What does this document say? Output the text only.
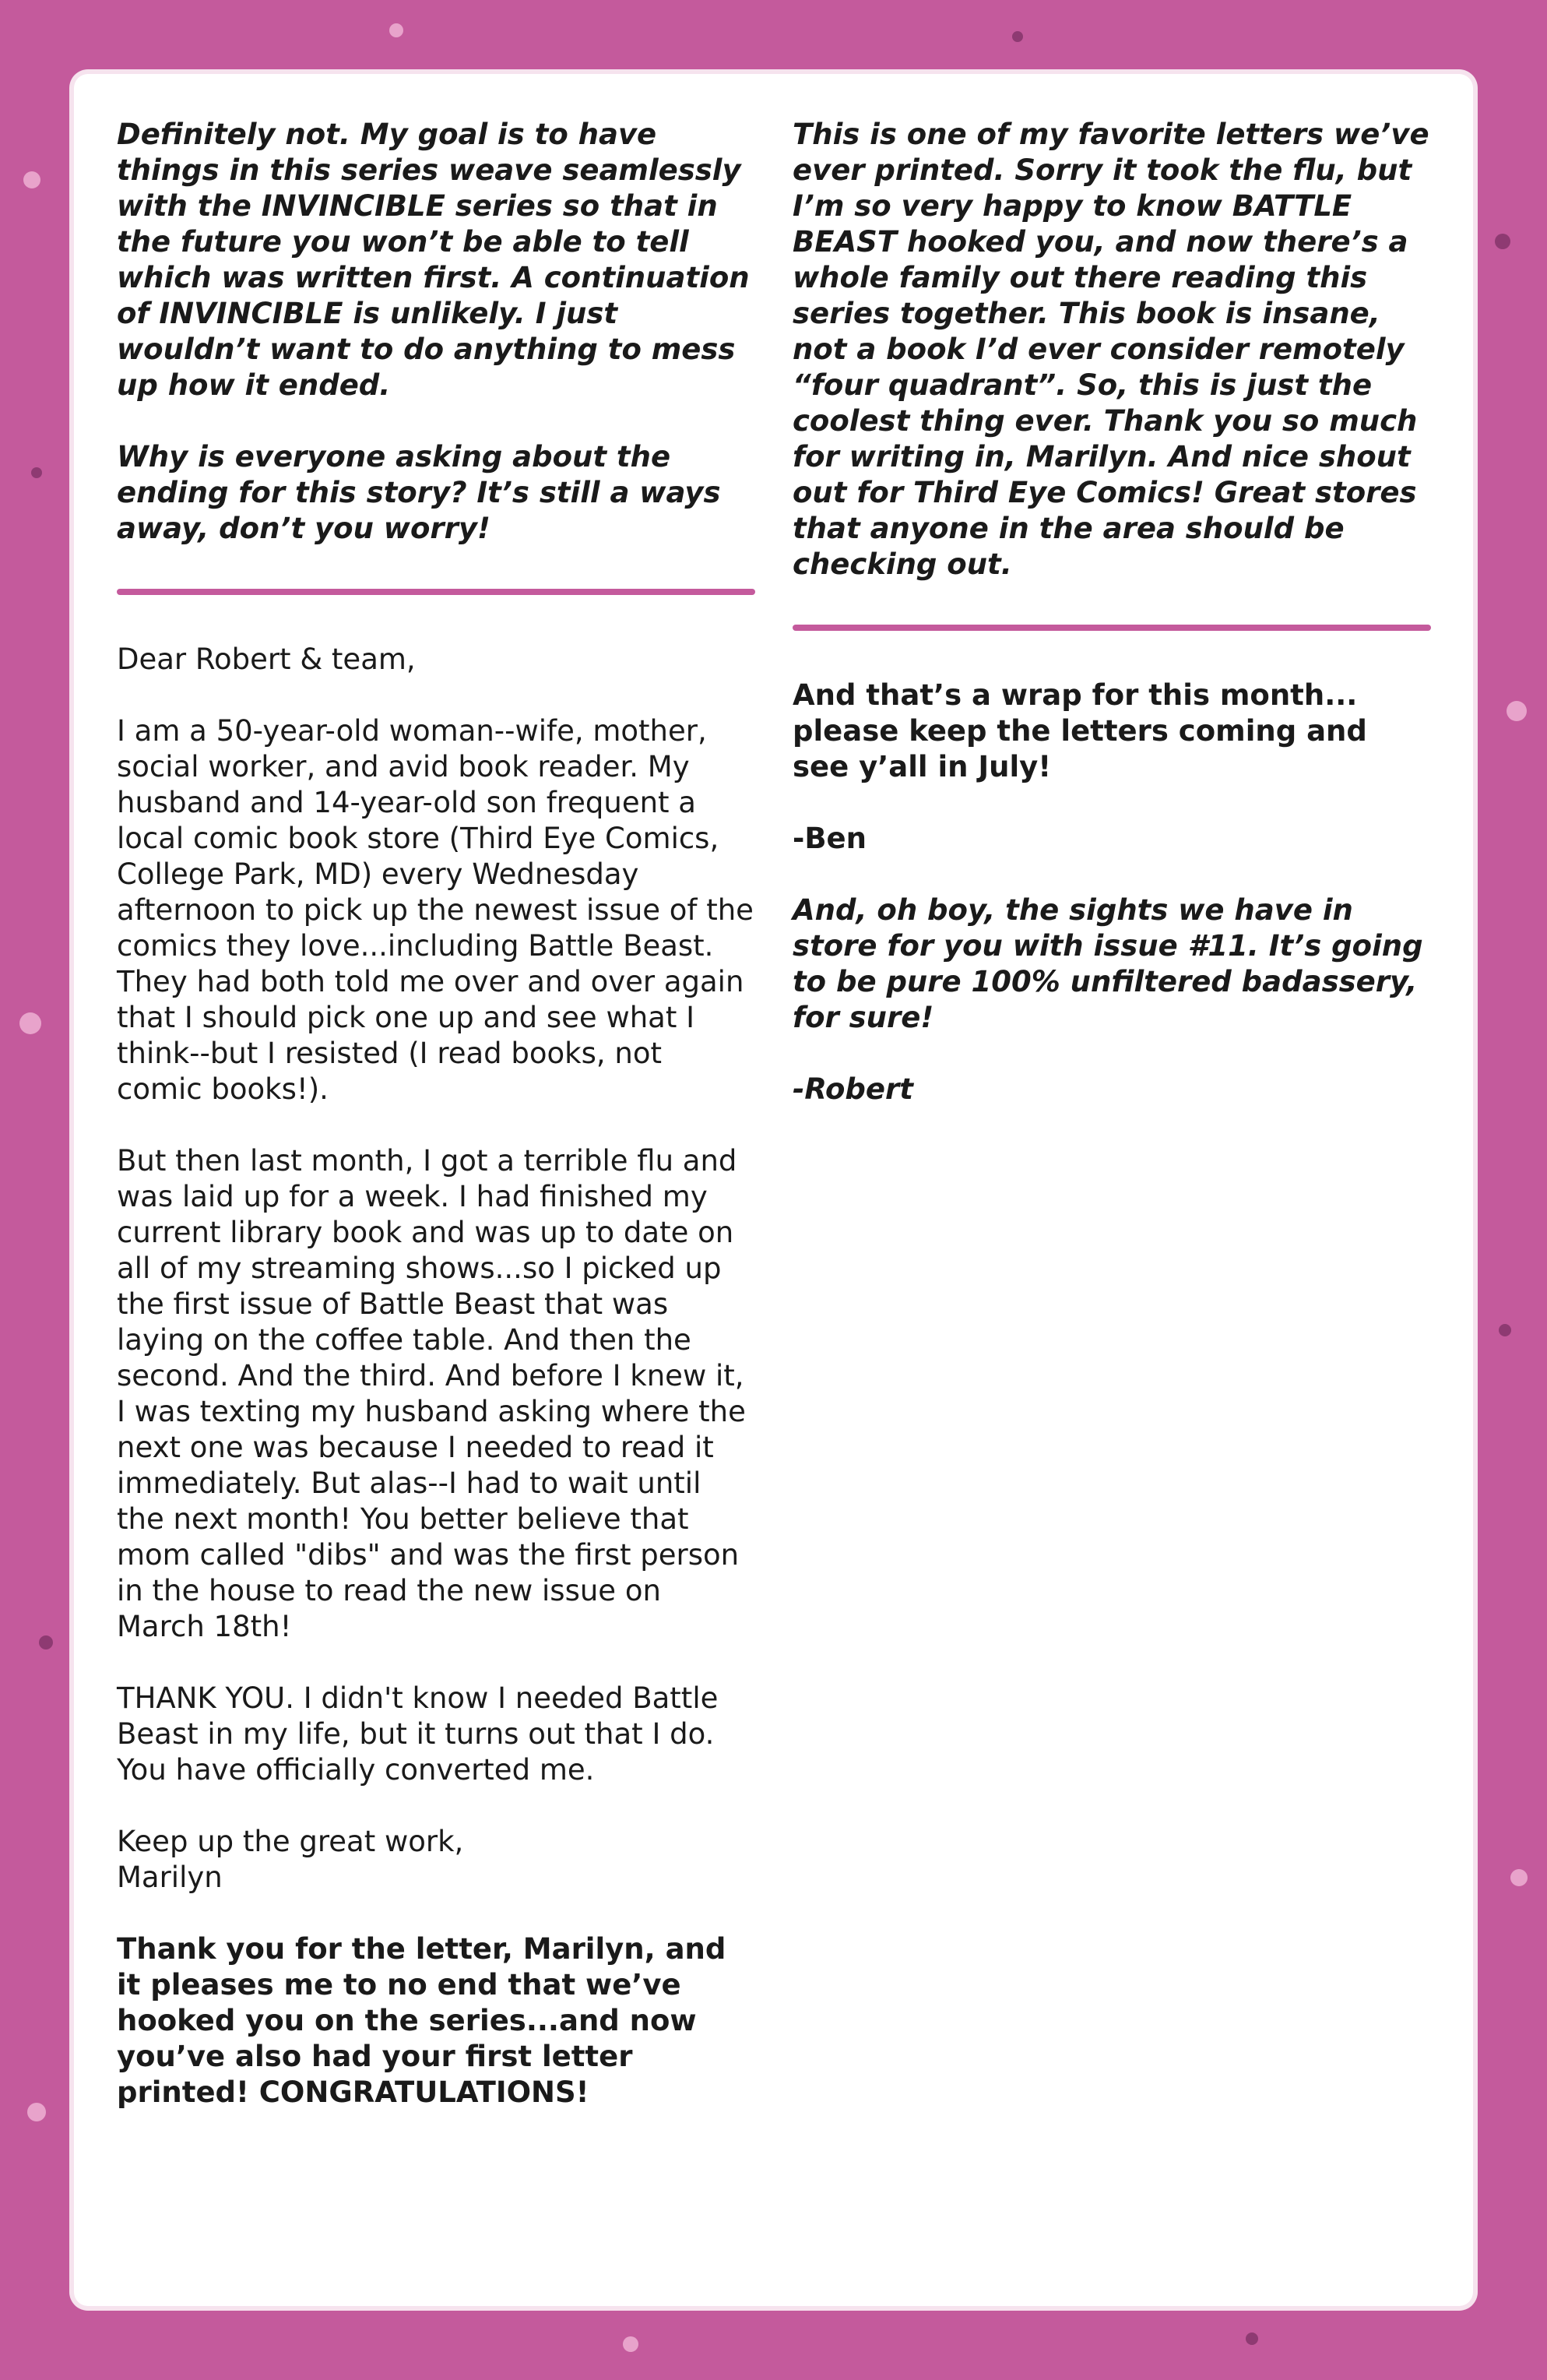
Definitely not. My goal is to have things in this series weave seamlessly with the INVINCIBLE series so that in the future you won’t be able to tell which was written first. A continuation of INVINCIBLE is unlikely. I just wouldn’t want to do anything to mess up how it ended.

Why is everyone asking about the ending for this story? It’s still a ways away, don’t you worry!

Dear Robert & team,

I am a 50-year-old woman--wife, mother, social worker, and avid book reader. My husband and 14-year-old son frequent a local comic book store (Third Eye Comics, College Park, MD) every Wednesday afternoon to pick up the newest issue of the comics they love...including Battle Beast. They had both told me over and over again that I should pick one up and see what I think--but I resisted (I read books, not comic books!).

But then last month, I got a terrible flu and was laid up for a week. I had finished my current library book and was up to date on all of my streaming shows...so I picked up the first issue of Battle Beast that was laying on the coffee table. And then the second. And the third. And before I knew it, I was texting my husband asking where the next one was because I needed to read it immediately. But alas--I had to wait until the next month! You better believe that mom called "dibs" and was the first person in the house to read the new issue on March 18th!

THANK YOU. I didn't know I needed Battle Beast in my life, but it turns out that I do. You have officially converted me.

Keep up the great work,

Marilyn

Thank you for the letter, Marilyn, and it pleases me to no end that we’ve hooked you on the series...and now you’ve also had your first letter printed! CONGRATULATIONS!

This is one of my favorite letters we’ve ever printed. Sorry it took the flu, but I’m so very happy to know BATTLE BEAST hooked you, and now there’s a whole family out there reading this series together. This book is insane, not a book I’d ever consider remotely “four quadrant”. So, this is just the coolest thing ever. Thank you so much for writing in, Marilyn. And nice shout out for Third Eye Comics! Great stores that anyone in the area should be checking out.

And that’s a wrap for this month... please keep the letters coming and see y’all in July!

-Ben

And, oh boy, the sights we have in store for you with issue #11. It’s going to be pure 100% unfiltered badassery, for sure!

-Robert
